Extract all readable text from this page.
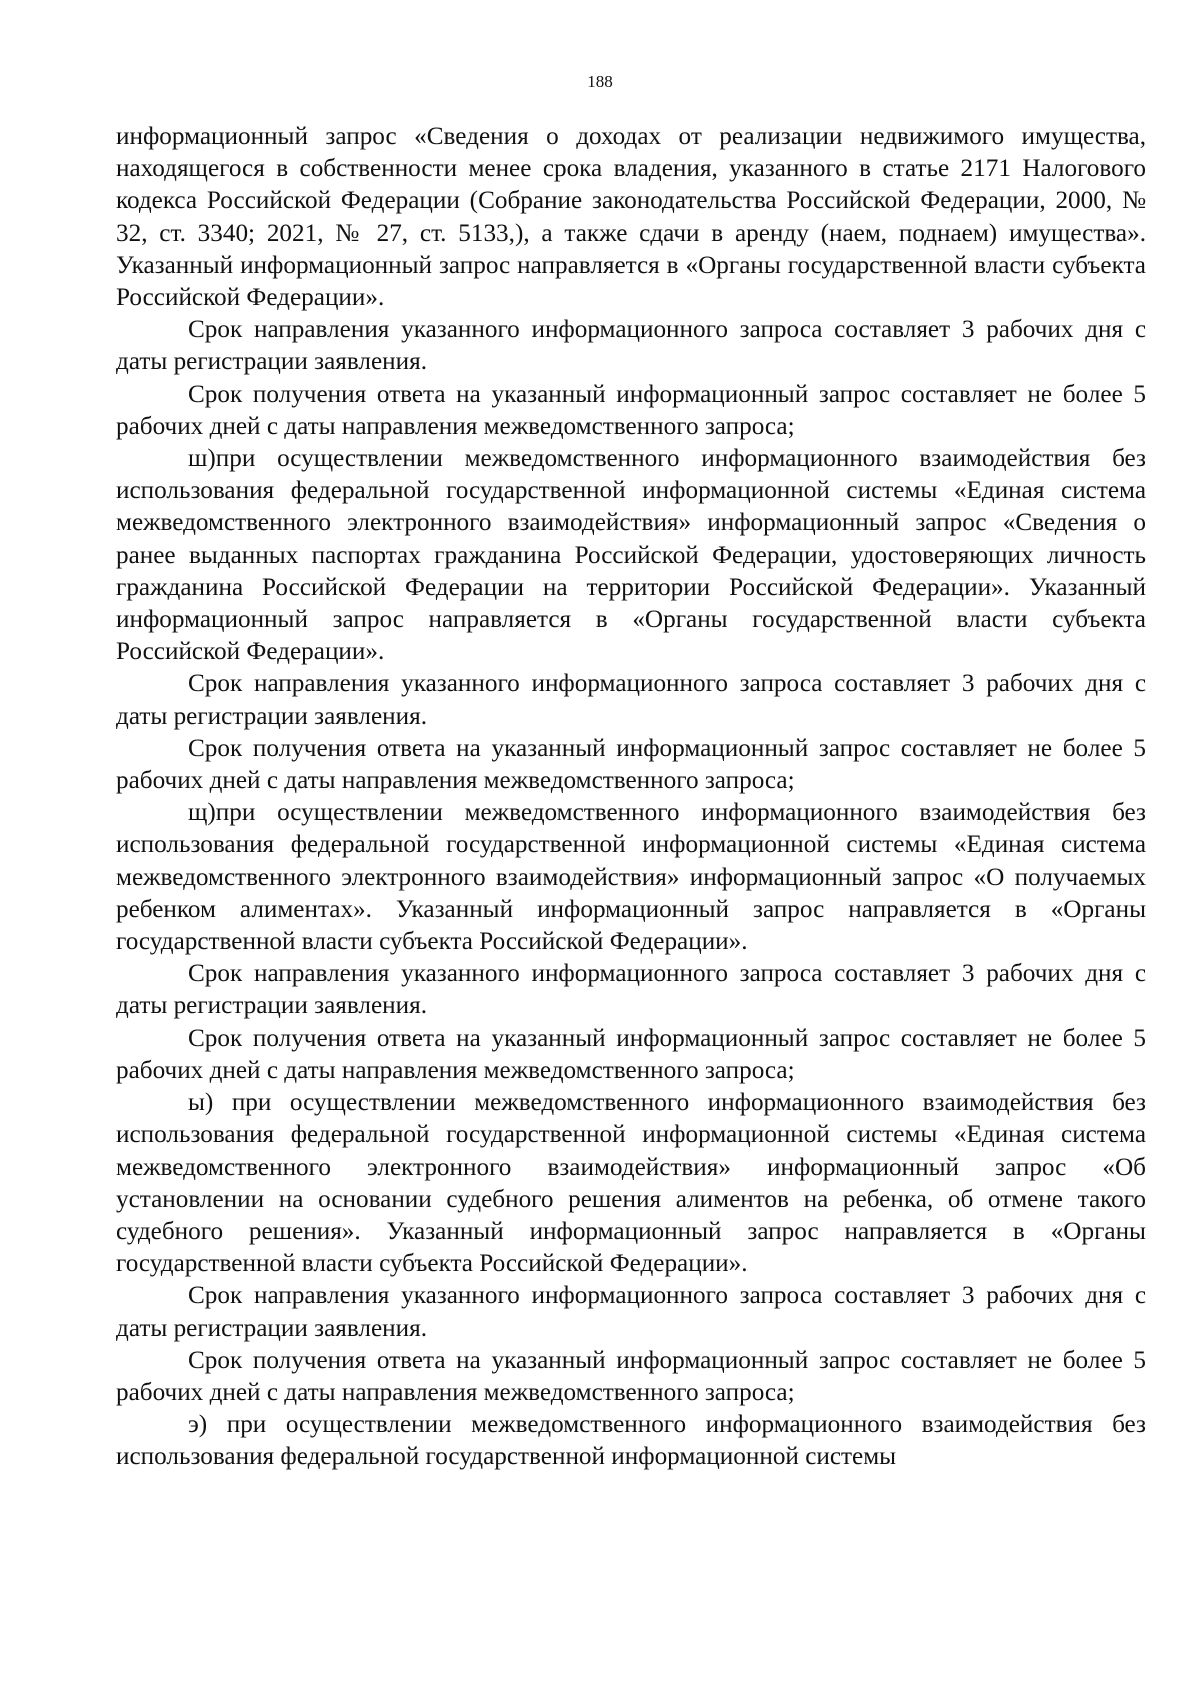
188

информационный запрос «Сведения о доходах от реализации недвижимого имущества, находящегося в собственности менее срока владения, указанного в статье 2171 Налогового кодекса Российской Федерации (Собрание законодательства Российской Федерации, 2000, № 32, ст. 3340; 2021, № 27, ст. 5133,), а также сдачи в аренду (наем, поднаем) имущества». Указанный информационный запрос направляется в «Органы государственной власти субъекта Российской Федерации».

Срок направления указанного информационного запроса составляет 3 рабочих дня с даты регистрации заявления.

Срок получения ответа на указанный информационный запрос составляет не более 5 рабочих дней с даты направления межведомственного запроса;

ш)при осуществлении межведомственного информационного взаимодействия без использования федеральной государственной информационной системы «Единая система межведомственного электронного взаимодействия» информационный запрос «Сведения о ранее выданных паспортах гражданина Российской Федерации, удостоверяющих личность гражданина Российской Федерации на территории Российской Федерации». Указанный информационный запрос направляется в «Органы государственной власти субъекта Российской Федерации».

Срок направления указанного информационного запроса составляет 3 рабочих дня с даты регистрации заявления.

Срок получения ответа на указанный информационный запрос составляет не более 5 рабочих дней с даты направления межведомственного запроса;

щ)при осуществлении межведомственного информационного взаимодействия без использования федеральной государственной информационной системы «Единая система межведомственного электронного взаимодействия» информационный запрос «О получаемых ребенком алиментах». Указанный информационный запрос направляется в «Органы государственной власти субъекта Российской Федерации».

Срок направления указанного информационного запроса составляет 3 рабочих дня с даты регистрации заявления.

Срок получения ответа на указанный информационный запрос составляет не более 5 рабочих дней с даты направления межведомственного запроса;

ы) при осуществлении межведомственного информационного взаимодействия без использования федеральной государственной информационной системы «Единая система межведомственного электронного взаимодействия» информационный запрос «Об установлении на основании судебного решения алиментов на ребенка, об отмене такого судебного решения». Указанный информационный запрос направляется в «Органы государственной власти субъекта Российской Федерации».

Срок направления указанного информационного запроса составляет 3 рабочих дня с даты регистрации заявления.

Срок получения ответа на указанный информационный запрос составляет не более 5 рабочих дней с даты направления межведомственного запроса;

э) при осуществлении межведомственного информационного взаимодействия без использования федеральной государственной информационной системы
